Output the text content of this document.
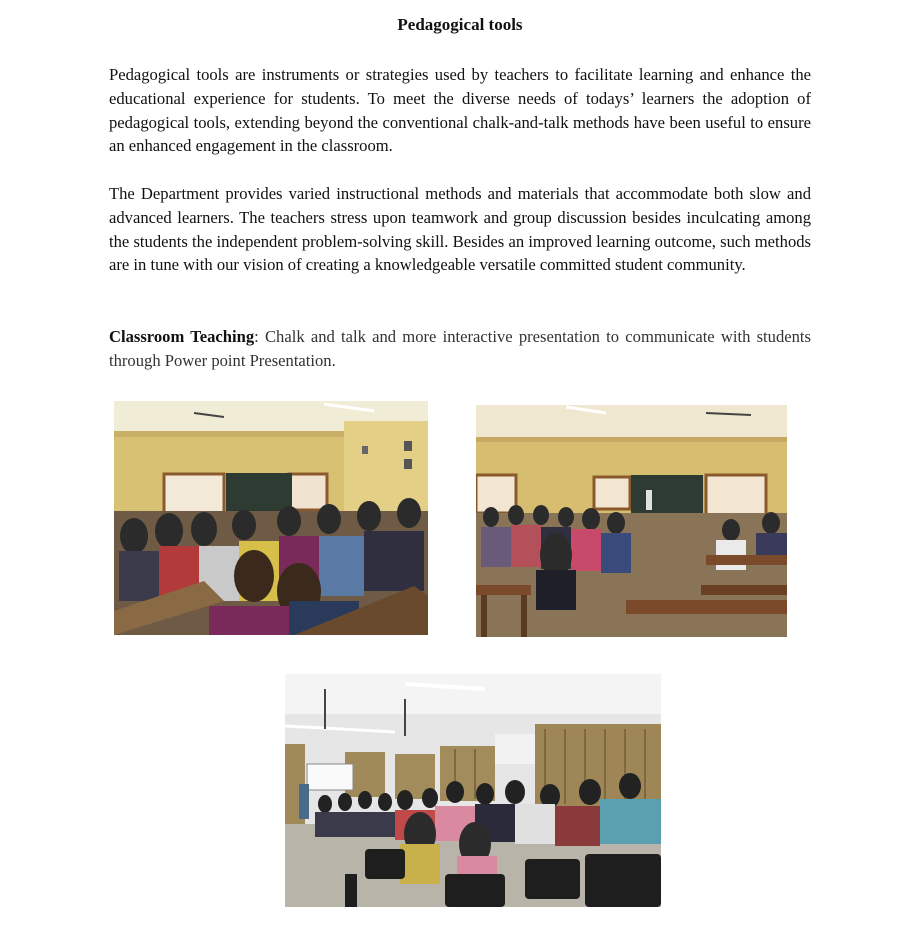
Pedagogical tools

Pedagogical tools are instruments or strategies used by teachers to facilitate learning and enhance the educational experience for students. To meet the diverse needs of todays’ learners the adoption of pedagogical tools, extending beyond the conventional chalk-and-talk methods have been useful to ensure an enhanced engagement in the classroom.

The Department provides varied instructional methods and materials that accommodate both slow and advanced learners. The teachers stress upon teamwork and group discussion besides inculcating among the students the independent problem-solving skill. Besides an improved learning outcome, such methods are in tune with our vision of creating a knowledgeable versatile committed student community.

Classroom Teaching: Chalk and talk and more interactive presentation to communicate with students through Power point Presentation.
